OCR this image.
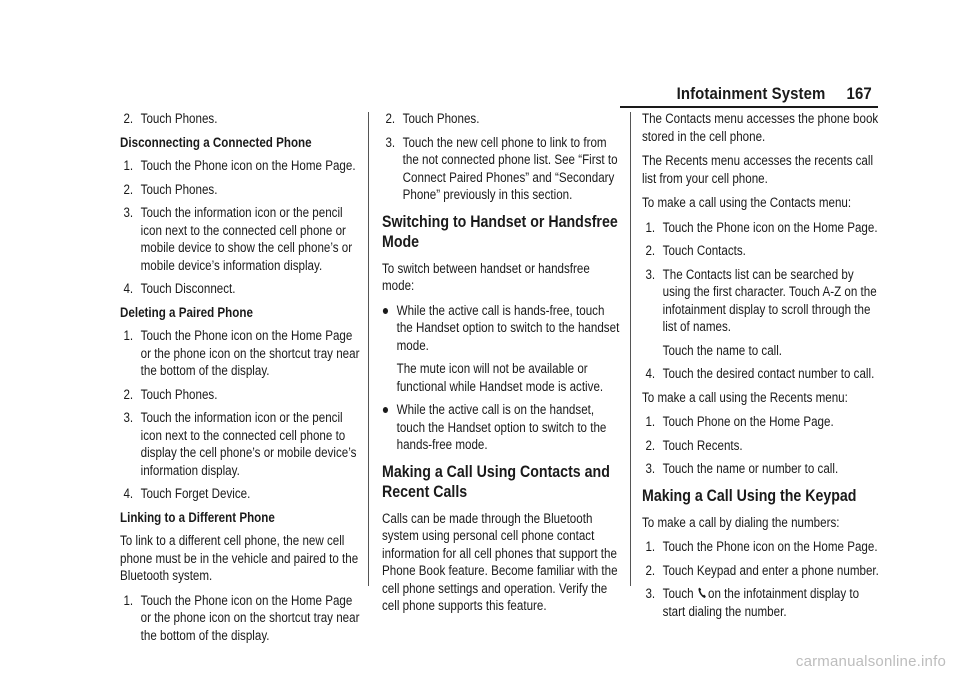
Infotainment System 167
2. Touch Phones.
Disconnecting a Connected Phone
1. Touch the Phone icon on the Home Page.
2. Touch Phones.
3. Touch the information icon or the pencil icon next to the connected cell phone or mobile device to show the cell phone’s or mobile device’s information display.
4. Touch Disconnect.
Deleting a Paired Phone
1. Touch the Phone icon on the Home Page or the phone icon on the shortcut tray near the bottom of the display.
2. Touch Phones.
3. Touch the information icon or the pencil icon next to the connected cell phone to display the cell phone’s or mobile device’s information display.
4. Touch Forget Device.
Linking to a Different Phone

To link to a different cell phone, the new cell phone must be in the vehicle and paired to the Bluetooth system.

1. Touch the Phone icon on the Home Page or the phone icon on the shortcut tray near the bottom of the display.
2. Touch Phones.
3. Touch the new cell phone to link to from the not connected phone list. See “First to Connect Paired Phones” and “Secondary Phone” previously in this section.
Switching to Handset or Handsfree Mode

To switch between handset or handsfree mode:

While the active call is hands-free, touch the Handset option to switch to the handset mode.
The mute icon will not be available or functional while Handset mode is active.
While the active call is on the handset, touch the Handset option to switch to the hands-free mode.
Making a Call Using Contacts and Recent Calls

Calls can be made through the Bluetooth system using personal cell phone contact information for all cell phones that support the Phone Book feature. Become familiar with the cell phone settings and operation. Verify the cell phone supports this feature.

The Contacts menu accesses the phone book stored in the cell phone.

The Recents menu accesses the recents call list from your cell phone.

To make a call using the Contacts menu:

1. Touch the Phone icon on the Home Page.
2. Touch Contacts.
3. The Contacts list can be searched by using the first character. Touch A-Z on the infotainment display to scroll through the list of names.
Touch the name to call.
4. Touch the desired contact number to call.

To make a call using the Recents menu:

1. Touch Phone on the Home Page.
2. Touch Recents.
3. Touch the name or number to call.
Making a Call Using the Keypad

To make a call by dialing the numbers:

1. Touch the Phone icon on the Home Page.
2. Touch Keypad and enter a phone number.
3. Touch on the infotainment display to start dialing the number.
carmanualsonline.info
